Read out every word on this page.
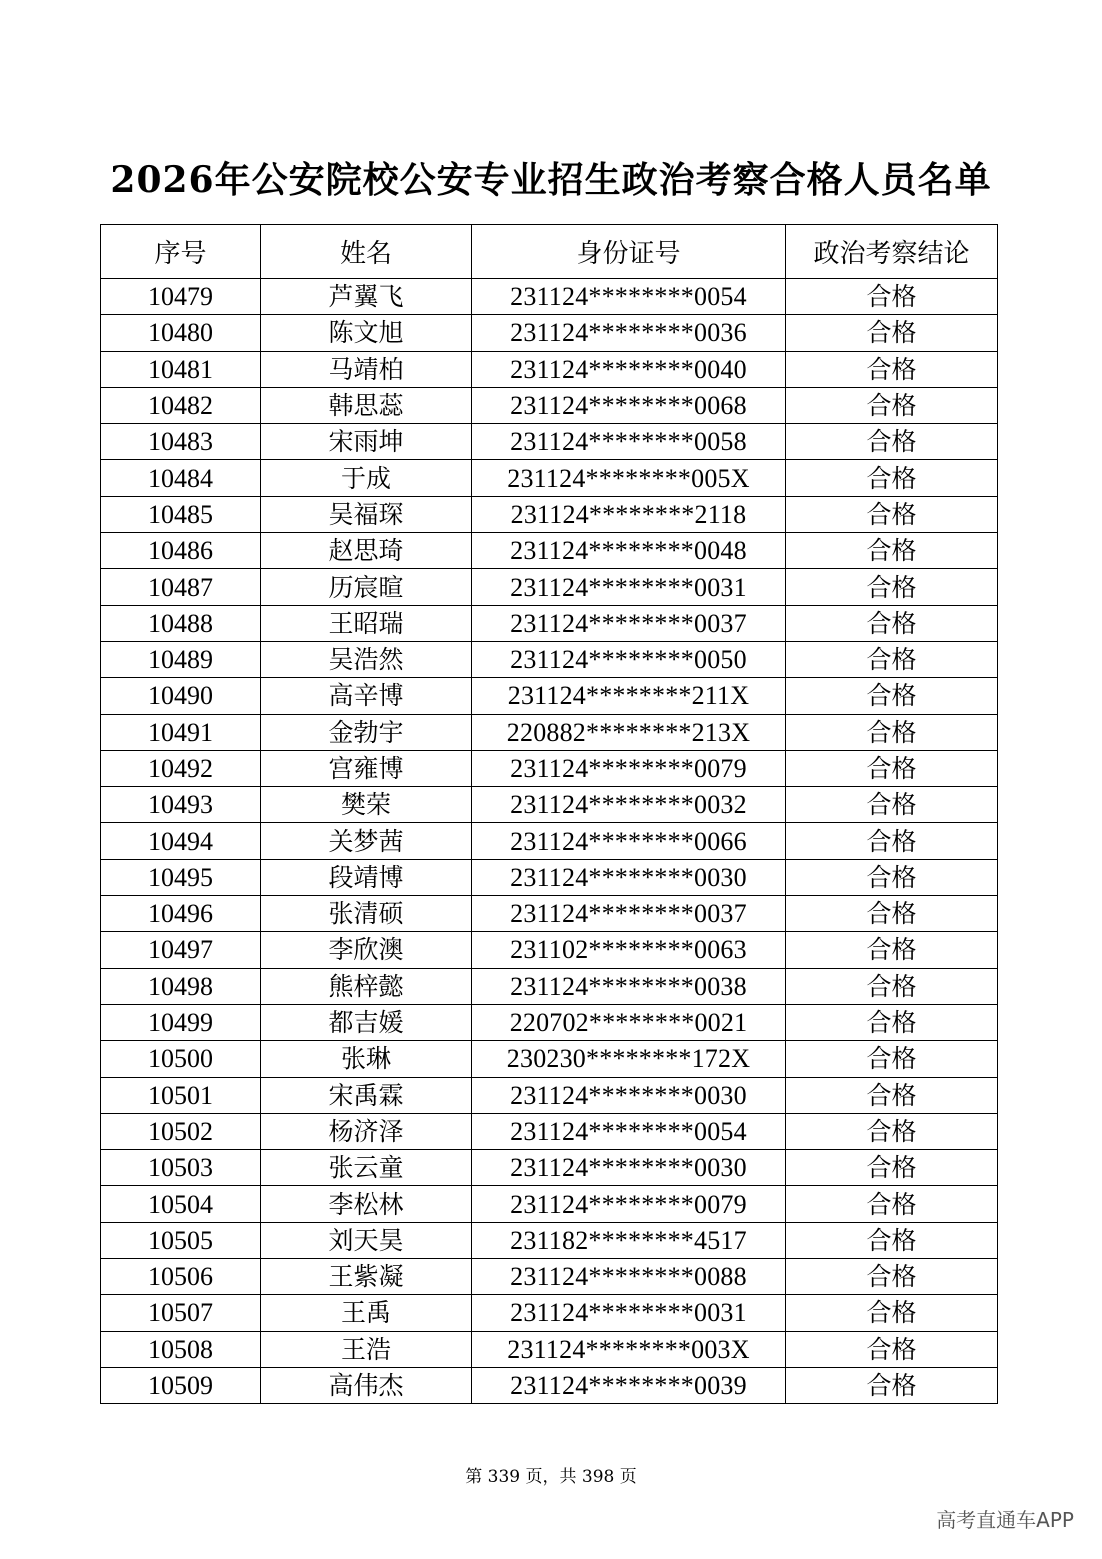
2026年公安院校公安专业招生政治考察合格人员名单
序号	姓名	身份证号	政治考察结论
10479	芦翼飞	231124********0054	合格
10480	陈文旭	231124********0036	合格
10481	马靖柏	231124********0040	合格
10482	韩思蕊	231124********0068	合格
10483	宋雨坤	231124********0058	合格
10484	于成	231124********005X	合格
10485	吴福琛	231124********2118	合格
10486	赵思琦	231124********0048	合格
10487	历宸暄	231124********0031	合格
10488	王昭瑞	231124********0037	合格
10489	吴浩然	231124********0050	合格
10490	高辛博	231124********211X	合格
10491	金勃宇	220882********213X	合格
10492	宫雍博	231124********0079	合格
10493	樊荣	231124********0032	合格
10494	关梦茜	231124********0066	合格
10495	段靖博	231124********0030	合格
10496	张清硕	231124********0037	合格
10497	李欣澳	231102********0063	合格
10498	熊梓懿	231124********0038	合格
10499	都吉媛	220702********0021	合格
10500	张琳	230230********172X	合格
10501	宋禹霖	231124********0030	合格
10502	杨济泽	231124********0054	合格
10503	张云童	231124********0030	合格
10504	李松林	231124********0079	合格
10505	刘天昊	231182********4517	合格
10506	王紫凝	231124********0088	合格
10507	王禹	231124********0031	合格
10508	王浩	231124********003X	合格
10509	高伟杰	231124********0039	合格
第 339 页，共 398 页
高考直通车APP
